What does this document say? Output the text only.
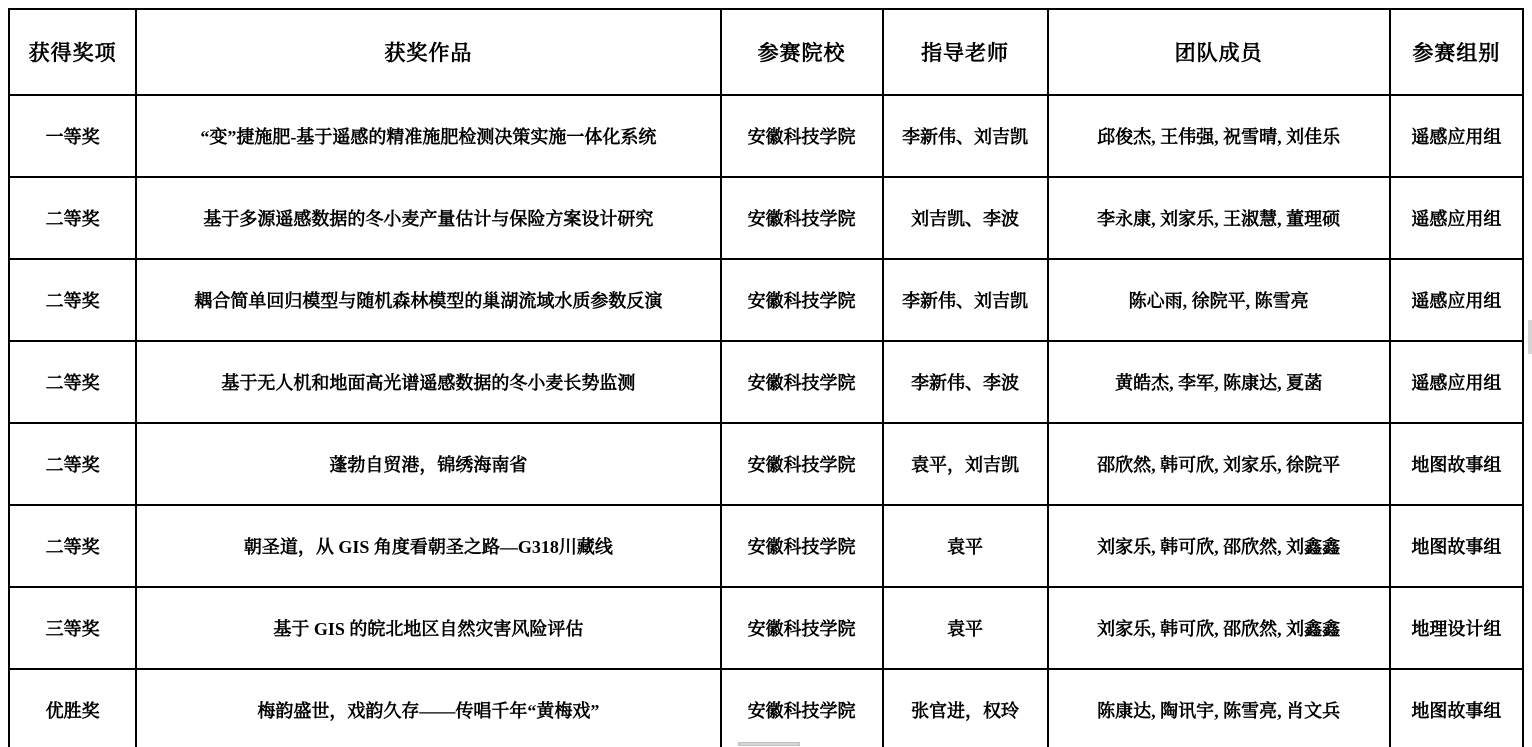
获得奖项	获奖作品	参赛院校	指导老师	团队成员	参赛组别
一等奖	“变”捷施肥-基于遥感的精准施肥检测决策实施一体化系统	安徽科技学院	李新伟、刘吉凯	邱俊杰, 王伟强, 祝雪晴, 刘佳乐	遥感应用组
二等奖	基于多源遥感数据的冬小麦产量估计与保险方案设计研究	安徽科技学院	刘吉凯、李波	李永康, 刘家乐, 王淑慧, 董理硕	遥感应用组
二等奖	耦合简单回归模型与随机森林模型的巢湖流域水质参数反演	安徽科技学院	李新伟、刘吉凯	陈心雨, 徐院平, 陈雪亮	遥感应用组
二等奖	基于无人机和地面高光谱遥感数据的冬小麦长势监测	安徽科技学院	李新伟、李波	黄皓杰, 李军, 陈康达, 夏菡	遥感应用组
二等奖	蓬勃自贸港，锦绣海南省	安徽科技学院	袁平，刘吉凯	邵欣然, 韩可欣, 刘家乐, 徐院平	地图故事组
二等奖	朝圣道，从 GIS 角度看朝圣之路—G318川藏线	安徽科技学院	袁平	刘家乐, 韩可欣, 邵欣然, 刘鑫鑫	地图故事组
三等奖	基于 GIS 的皖北地区自然灾害风险评估	安徽科技学院	袁平	刘家乐, 韩可欣, 邵欣然, 刘鑫鑫	地理设计组
优胜奖	梅韵盛世，戏韵久存——传唱千年“黄梅戏”	安徽科技学院	张官进，权玲	陈康达, 陶讯宇, 陈雪亮, 肖文兵	地图故事组
